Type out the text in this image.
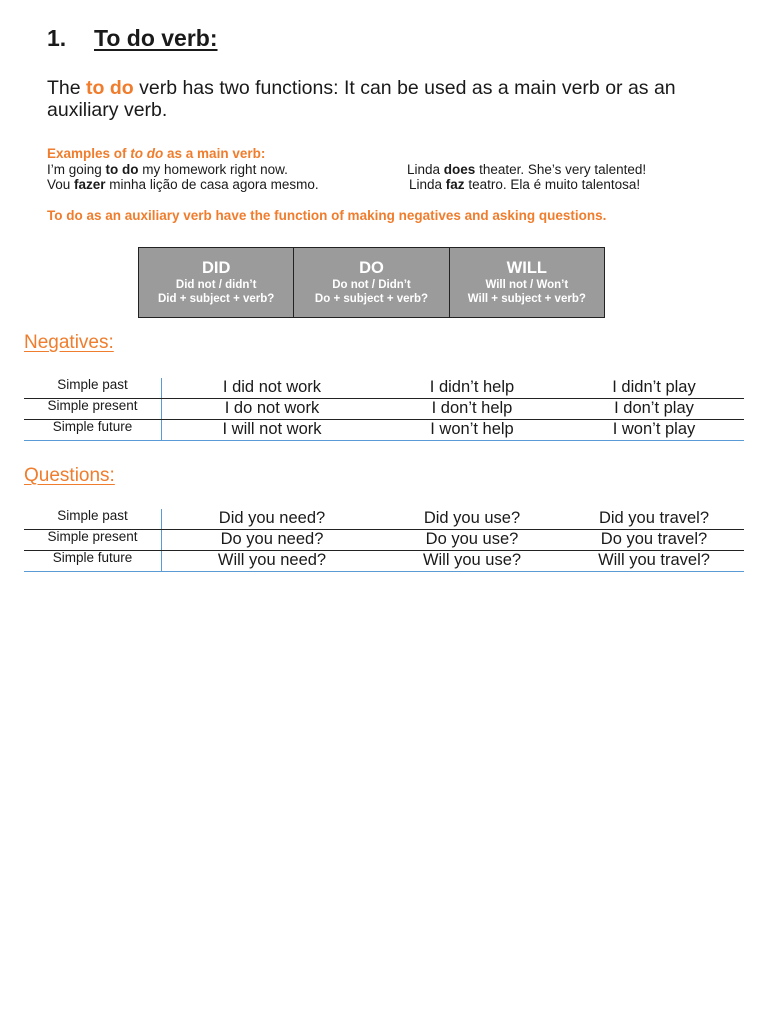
1. To do verb:
The to do verb has two functions: It can be used as a main verb or as an auxiliary verb.
Examples of to do as a main verb:
I’m going to do my homework right now.
Vou fazer minha lição de casa agora mesmo.
Linda does theater. She’s very talented!
Linda faz teatro. Ela é muito talentosa!
To do as an auxiliary verb have the function of making negatives and asking questions.
DID
Did not / didn’t
Did + subject + verb?
DO
Do not / Didn’t
Do + subject + verb?
WILL
Will not / Won’t
Will + subject + verb?
Negatives:
Simple past	I did not work	I didn’t help	I didn’t play
Simple present	I do not work	I don’t help	I don’t play
Simple future	I will not work	I won’t help	I won’t play
Questions:
Simple past	Did you need?	Did you use?	Did you travel?
Simple present	Do you need?	Do you use?	Do you travel?
Simple future	Will you need?	Will you use?	Will you travel?
